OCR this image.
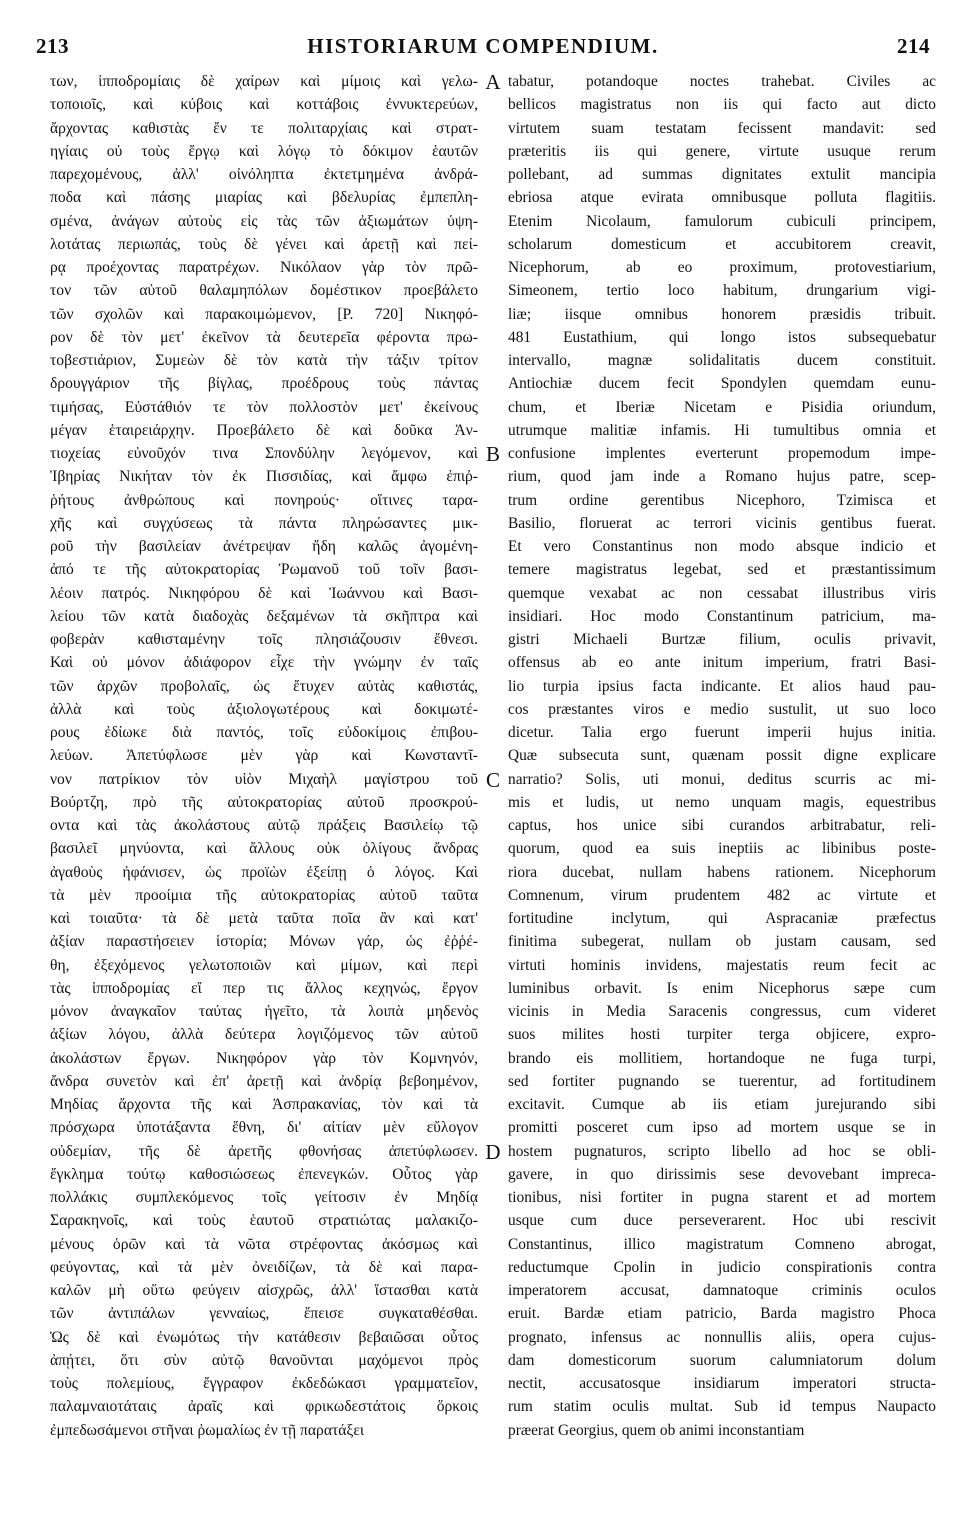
213	HISTORIARUM COMPENDIUM.	214
των, ἱπποδρομίαις δὲ χαίρων καὶ μίμοις καὶ γελω-
τοποιοῖς, καὶ κύβοις καὶ κοττάβοις ἐννυκτερεύων,
ἄρχοντας καθιστὰς ἔν τε πολιταρχίαις καὶ στρατ-
ηγίαις οὐ τοὺς ἔργῳ καὶ λόγῳ τὸ δόκιμον ἑαυτῶν
παρεχομένους, ἀλλ' οἰνόληπτα ἐκτετμημένα ἀνδρά-
ποδα καὶ πάσης μιαρίας καὶ βδελυρίας ἐμπεπλη-
σμένα, ἀνάγων αὐτοὺς εἰς τὰς τῶν ἀξιωμάτων ὑψη-
λοτάτας περιωπάς, τοὺς δὲ γένει καὶ ἀρετῇ καὶ πεί-
ρᾳ προέχοντας παρατρέχων. Νικόλαον γὰρ τὸν πρῶ-
τον τῶν αὐτοῦ θαλαμηπόλων δομέστικον προεβάλετο
τῶν σχολῶν καὶ παρακοιμώμενον, [P. 720] Νικηφό-
ρον δὲ τὸν μετ' ἐκεῖνον τὰ δευτερεῖα φέροντα πρω-
τοβεστιάριον, Συμεὼν δὲ τὸν κατὰ τὴν τάξιν τρίτον
δρουγγάριον τῆς βίγλας, προέδρους τοὺς πάντας
τιμήσας, Εὐστάθιόν τε τὸν πολλοστὸν μετ' ἐκείνους
μέγαν ἑταιρειάρχην. Προεβάλετο δὲ καὶ δοῦκα Ἀν-
τιοχείας εὐνοῦχόν τινα Σπονδύλην λεγόμενον, καὶ
Ἰβηρίας Νικήταν τὸν ἐκ Πισσιδίας, καὶ ἄμφω ἐπιῤ-
ῥήτους ἀνθρώπους καὶ πονηρούς· οἵτινες ταρα-
χῆς καὶ συγχύσεως τὰ πάντα πληρώσαντες μικ-
ροῦ τὴν βασιλείαν ἀνέτρεψαν ἤδη καλῶς ἀγομένη-
ἀπό τε τῆς αὐτοκρατορίας Ῥωμανοῦ τοῦ τοῖν βασι-
λέοιν πατρός. Νικηφόρου δὲ καὶ Ἰωάννου καὶ Βασι-
λείου τῶν κατὰ διαδοχὰς δεξαμένων τὰ σκῆπτρα καὶ
φοβερὰν καθισταμένην τοῖς πλησιάζουσιν ἔθνεσι.
Καὶ οὐ μόνον ἀδιάφορον εἶχε τὴν γνώμην ἐν ταῖς
τῶν ἀρχῶν προβολαῖς, ὡς ἔτυχεν αὐτὰς καθιστάς,
ἀλλὰ καὶ τοὺς ἀξιολογωτέρους καὶ δοκιμωτέ-
ρους ἐδίωκε διὰ παντός, τοῖς εὐδοκίμοις ἐπιβου-
λεύων. Ἀπετύφλωσε μὲν γὰρ καὶ Κωνσταντῖ-
νον πατρίκιον τὸν υἱὸν Μιχαὴλ μαγίστρου τοῦ
Βούρτζη, πρὸ τῆς αὐτοκρατορίας αὐτοῦ προσκρού-
οντα καὶ τὰς ἀκολάστους αὐτῷ πράξεις Βασιλείῳ τῷ
βασιλεῖ μηνύοντα, καὶ ἄλλους οὐκ ὀλίγους ἄνδρας
ἀγαθοὺς ἠφάνισεν, ὡς προϊὼν ἐξείπῃ ὁ λόγος. Καὶ
τὰ μὲν προοίμια τῆς αὐτοκρατορίας αὐτοῦ ταῦτα
καὶ τοιαῦτα· τὰ δὲ μετὰ ταῦτα ποῖα ἂν καὶ κατ'
ἀξίαν παραστήσειεν ἱστορία; Μόνων γάρ, ὡς ἐῤῥέ-
θη, ἐξεχόμενος γελωτοποιῶν καὶ μίμων, καὶ περὶ
τὰς ἱπποδρομίας εἴ περ τις ἄλλος κεχηνώς, ἔργον
μόνον ἀναγκαῖον ταύτας ἡγεῖτο, τὰ λοιπὰ μηδενὸς
ἀξίων λόγου, ἀλλὰ δεύτερα λογιζόμενος τῶν αὐτοῦ
ἀκολάστων ἔργων. Νικηφόρον γὰρ τὸν Κομνηνόν,
ἄνδρα συνετὸν καὶ ἐπ' ἀρετῇ καὶ ἀνδρίᾳ βεβοημένον,
Μηδίας ἄρχοντα τῆς καὶ Ἀσπρακανίας, τὸν καὶ τὰ
πρόσχωρα ὑποτάξαντα ἔθνη, δι' αἰτίαν μὲν εὔλογον
οὐδεμίαν, τῆς δὲ ἀρετῆς φθονήσας ἀπετύφλωσεν.
ἔγκλημα τούτῳ καθοσιώσεως ἐπενεγκών. Οὗτος γὰρ
πολλάκις συμπλεκόμενος τοῖς γείτοσιν ἐν Μηδίᾳ
Σαρακηνοῖς, καὶ τοὺς ἑαυτοῦ στρατιώτας μαλακιζο-
μένους ὁρῶν καὶ τὰ νῶτα στρέφοντας ἀκόσμως καὶ
φεύγοντας, καὶ τὰ μὲν ὀνειδίζων, τὰ δὲ καὶ παρα-
καλῶν μὴ οὕτω φεύγειν αἰσχρῶς, ἀλλ' ἵστασθαι κατὰ
τῶν ἀντιπάλων γενναίως, ἔπεισε συγκαταθέσθαι.
Ὡς δὲ καὶ ἐνωμότως τὴν κατάθεσιν βεβαιῶσαι οὗτος
ἀπῄτει, ὅτι σὺν αὐτῷ θανοῦνται μαχόμενοι πρὸς
τοὺς πολεμίους, ἔγγραφον ἐκδεδώκασι γραμματεῖον,
παλαμναιοτάταις ἀραῖς καὶ φρικωδεστάτοις ὅρκοις
ἐμπεδωσάμενοι στῆναι ῥωμαλίως ἐν τῇ παρατάξει
tabatur, potandoque noctes trahebat. Civiles ac
bellicos magistratus non iis qui facto aut dicto
virtutem suam testatam fecissent mandavit: sed
præteritis iis qui genere, virtute usuque rerum
pollebant, ad summas dignitates extulit mancipia
ebriosa atque evirata omnibusque polluta flagitiis.
Etenim Nicolaum, famulorum cubiculi principem,
scholarum domesticum et accubitorem creavit,
Nicephorum, ab eo proximum, protovestiarium,
Simeonem, tertio loco habitum, drungarium vigi-
liæ; iisque omnibus honorem præsidis tribuit.
481 Eustathium, qui longo istos subsequebatur
intervallo, magnæ solidalitatis ducem constituit.
Antiochiæ ducem fecit Spondylen quemdam eunu-
chum, et Iberiæ Nicetam e Pisidia oriundum,
utrumque malitiæ infamis. Hi tumultibus omnia et
confusione implentes everterunt propemodum impe-
rium, quod jam inde a Romano hujus patre, scep-
trum ordine gerentibus Nicephoro, Tzimisca et
Basilio, floruerat ac terrori vicinis gentibus fuerat.
Et vero Constantinus non modo absque indicio et
temere magistratus legebat, sed et præstantissimum
quemque vexabat ac non cessabat illustribus viris
insidiari. Hoc modo Constantinum patricium, ma-
gistri Michaeli Burtzæ filium, oculis privavit,
offensus ab eo ante initum imperium, fratri Basi-
lio turpia ipsius facta indicante. Et alios haud pau-
cos præstantes viros e medio sustulit, ut suo loco
dicetur. Talia ergo fuerunt imperii hujus initia.
Quæ subsecuta sunt, quænam possit digne explicare
narratio? Solis, uti monui, deditus scurris ac mi-
mis et ludis, ut nemo unquam magis, equestribus
captus, hos unice sibi curandos arbitrabatur, reli-
quorum, quod ea suis ineptiis ac libinibus poste-
riora ducebat, nullam habens rationem. Nicephorum
Comnenum, virum prudentem 482 ac virtute et
fortitudine inclytum, qui Aspracaniæ præfectus
finitima subegerat, nullam ob justam causam, sed
virtuti hominis invidens, majestatis reum fecit ac
luminibus orbavit. Is enim Nicephorus sæpe cum
vicinis in Media Saracenis congressus, cum videret
suos milites hosti turpiter terga objicere, expro-
brando eis mollitiem, hortandoque ne fuga turpi,
sed fortiter pugnando se tuerentur, ad fortitudinem
excitavit. Cumque ab iis etiam jurejurando sibi
promitti posceret cum ipso ad mortem usque se in
hostem pugnaturos, scripto libello ad hoc se obli-
gavere, in quo dirissimis sese devovebant impreca-
tionibus, nisi fortiter in pugna starent et ad mortem
usque cum duce perseverarent. Hoc ubi rescivit
Constantinus, illico magistratum Comneno abrogat,
reductumque Cpolin in judicio conspirationis contra
imperatorem accusat, damnatoque criminis oculos
eruit. Bardæ etiam patricio, Barda magistro Phoca
prognato, infensus ac nonnullis aliis, opera cujus-
dam domesticorum suorum calumniatorum dolum
nectit, accusatosque insidiarum imperatori structa-
rum statim oculis multat. Sub id tempus Naupacto
præerat Georgius, quem ob animi inconstantiam
A
B
C
D
